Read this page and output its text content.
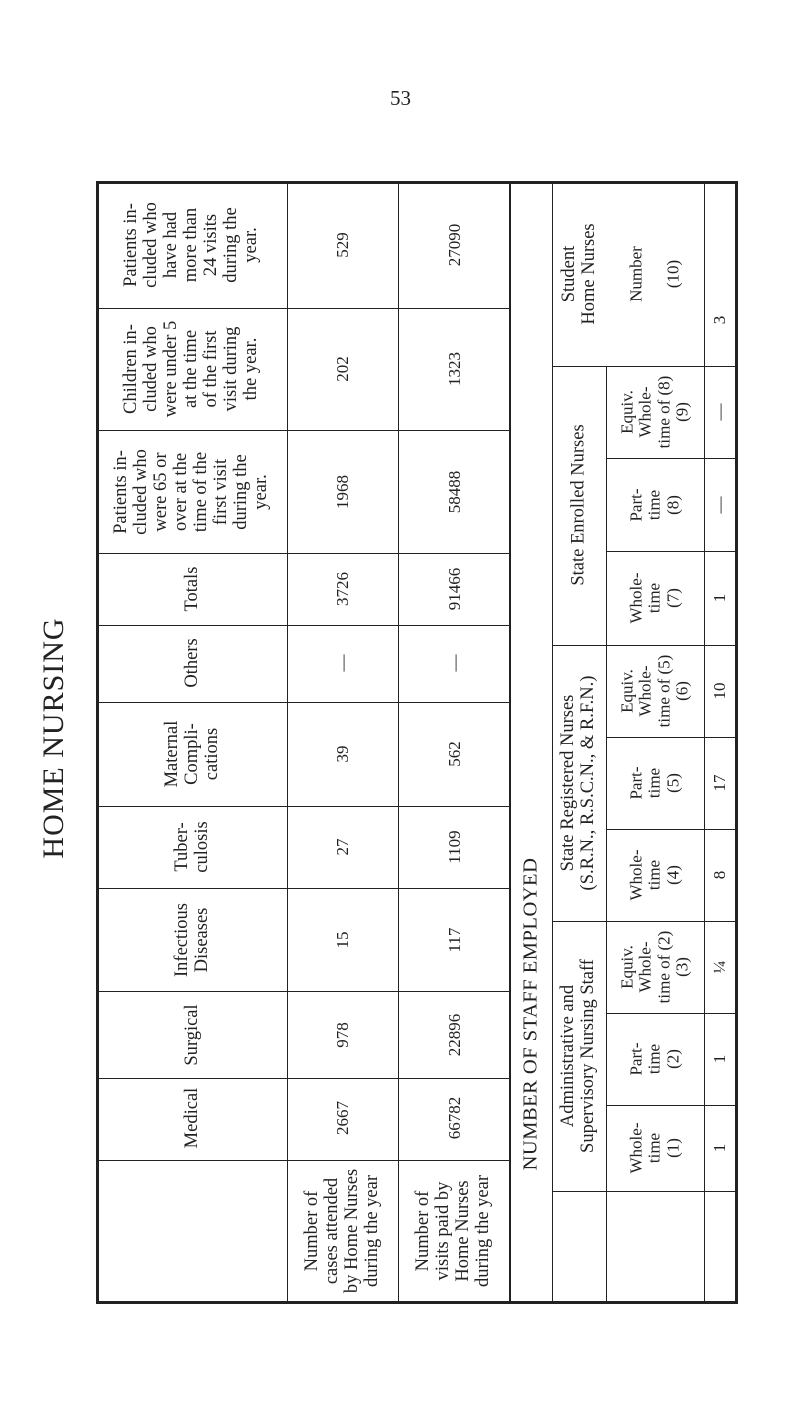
53
HOME NURSING
Medical
Surgical
Infectious
Diseases
Tuber-
culosis
Maternal
Compli-
cations
Others
Totals
Patients in-
cluded who
were 65 or
over at the
time of the
first visit
during the
year.
Children in-
cluded who
were under 5
at the time
of the first
visit during
the year.
Patients in-
cluded who
have had
more than
24 visits
during the
year.
Number of
cases attended
by Home Nurses
during the year
Number of
visits paid by
Home Nurses
during the year
2667
978
15
27
39
—
3726
1968
202
529
66782
22896
117
1109
562
—
91466
58488
1323
27090
NUMBER OF STAFF EMPLOYED Administrative and
Supervisory Nursing Staff
State Registered Nurses
(S.R.N., R.S.C.N., & R.F.N.)
State Enrolled Nurses
Student
Home Nurses
Whole-
time
(1)
Part-
time
(2)
Equiv.
Whole-
time of (2)
(3)
Whole-
time
(4)
Part-
time
(5)
Equiv.
Whole-
time of (5)
(6)
Whole-
time
(7)
Part-
time
(8)
Equiv.
Whole-
time of (8)
(9)
Number

(10)
1
1
¼
8
17
10
1
—
—
3
